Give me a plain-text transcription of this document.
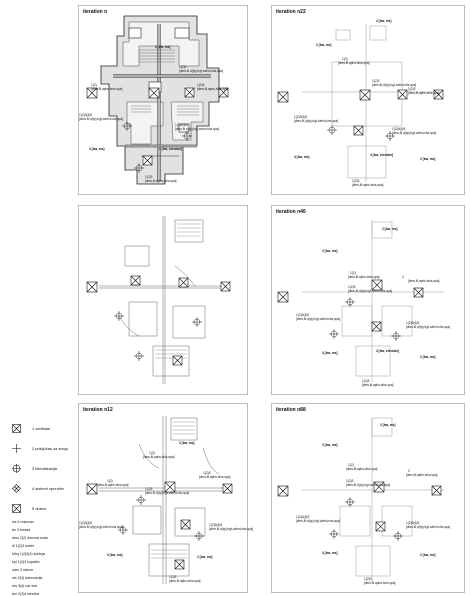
iteration n
2 [bw, ms]
1(2)3
[dms,fil,d(tp),hgt,cafm,ishs,spa]
1(2)
[dms,fil,aphs,ishs,spa]
1(2)3
[dms,fil,aphs,ishs,spa]
1(2)3(4)5
[dms,fil,d(tp),hgt,cafm,ishs,spa]
1(2)3(4)5
[dms,fil,d(tp),hgt,cafm,ishs,spa]
3 [bw, ms]	4 [bw, elevator]
1(2)3
[dms,fil,aphs,ishs,spa]
iteration n22
2 [bw, ms]
2 [bw, ms]
1(2)
[dms,fil,aphs,ishs,spa]
1(2)3
[dms,fil,d(tp),hgt,cafm,ishs,spa]
1(2)3
[dms,fil,aphs,ishs,spa]
1(2)3(4)5
[dms,fil,d(tp),hgt,cafm,ishs,spa]
1(2)3(4)5
[dms,fil,d(tp),hgt,cafm,ishs,spa]
3 [bw, ms]	4 [bw, elevator]
2 [bw, ms]
1(2)3
[dms,fil,aphs,ishs,spa]
iteration n46
2 [bw, ms]
2 [bw, ms]
1(2)
[dms,fil,aphs,ishs,spa]	2
[dms,fil,aphs,ishs,spa]
1(2)3
[dms,fil,d(tp),hgt,cafm,ishs,spa]
1(2)3(4)5
[dms,fil,d(tp),hgt,cafm,ishs,spa]
1(2)3(4)5
[dms,fil,d(tp),hgt,cafm,ishs,spa]
3 [bw, ms]	4 [bw, elevator]
2 [bw, ms]
1(2)3
[dms,fil,aphs,ishs,spa]
iteration n12
2 [bw, ms]
1(2)
[dms,fil,aphs,ishs,spa]
1(2)3
[dms,fil,aphs,ishs,spa]
1(2)
[dms,fil,aphs,ishs,spa]
1(2)3
[dms,fil,d(tp),hgt,cafm,ishs,spa]
1(2)3(4)5
[dms,fil,d(tp),hgt,cafm,ishs,spa]	1(2)3(4)5
[dms,fil,d(tp),hgt,cafm,ishs,spa]
3 [bw, ms]	2 [bw, ms]
1(2)3
[dms,fil,aphs,ishs,spa]
iteration n88
2 [bw, ms]
2 [bw, ms]
1(2)
[dms,fil,aphs,ishs,spa]	2
[dms,fil,aphs,ishs,spa]
1(2)3
[dms,fil,d(tp),hgt,cafm,ishs,spa]
1(2)3(4)5
[dms,fil,d(tp),hgt,cafm,ishs,spa]	1(2)3(4)5
[dms,fil,d(tp),hgt,cafm,ishs,spa]
3 [bw, ms]	2 [bw, ms]
1(2)3
[dms,fil,aphs,ishs,spa]
1 vertikale
2 priključak za struju
3 klimatizacija
4 sistemi sprinkler
5 duboe
ws 0 restoran
ter 0 terasa
dms 2(2) dnevna soba
til 1(2)3 tualet
kthq 1(2)3(4) kuhinja
kpt 1(2)3 kupatilo
odm 2 odmor
ofc 2(3) kancelarija
ers 3(4) car slot
ten 2(3)4 tehnika
